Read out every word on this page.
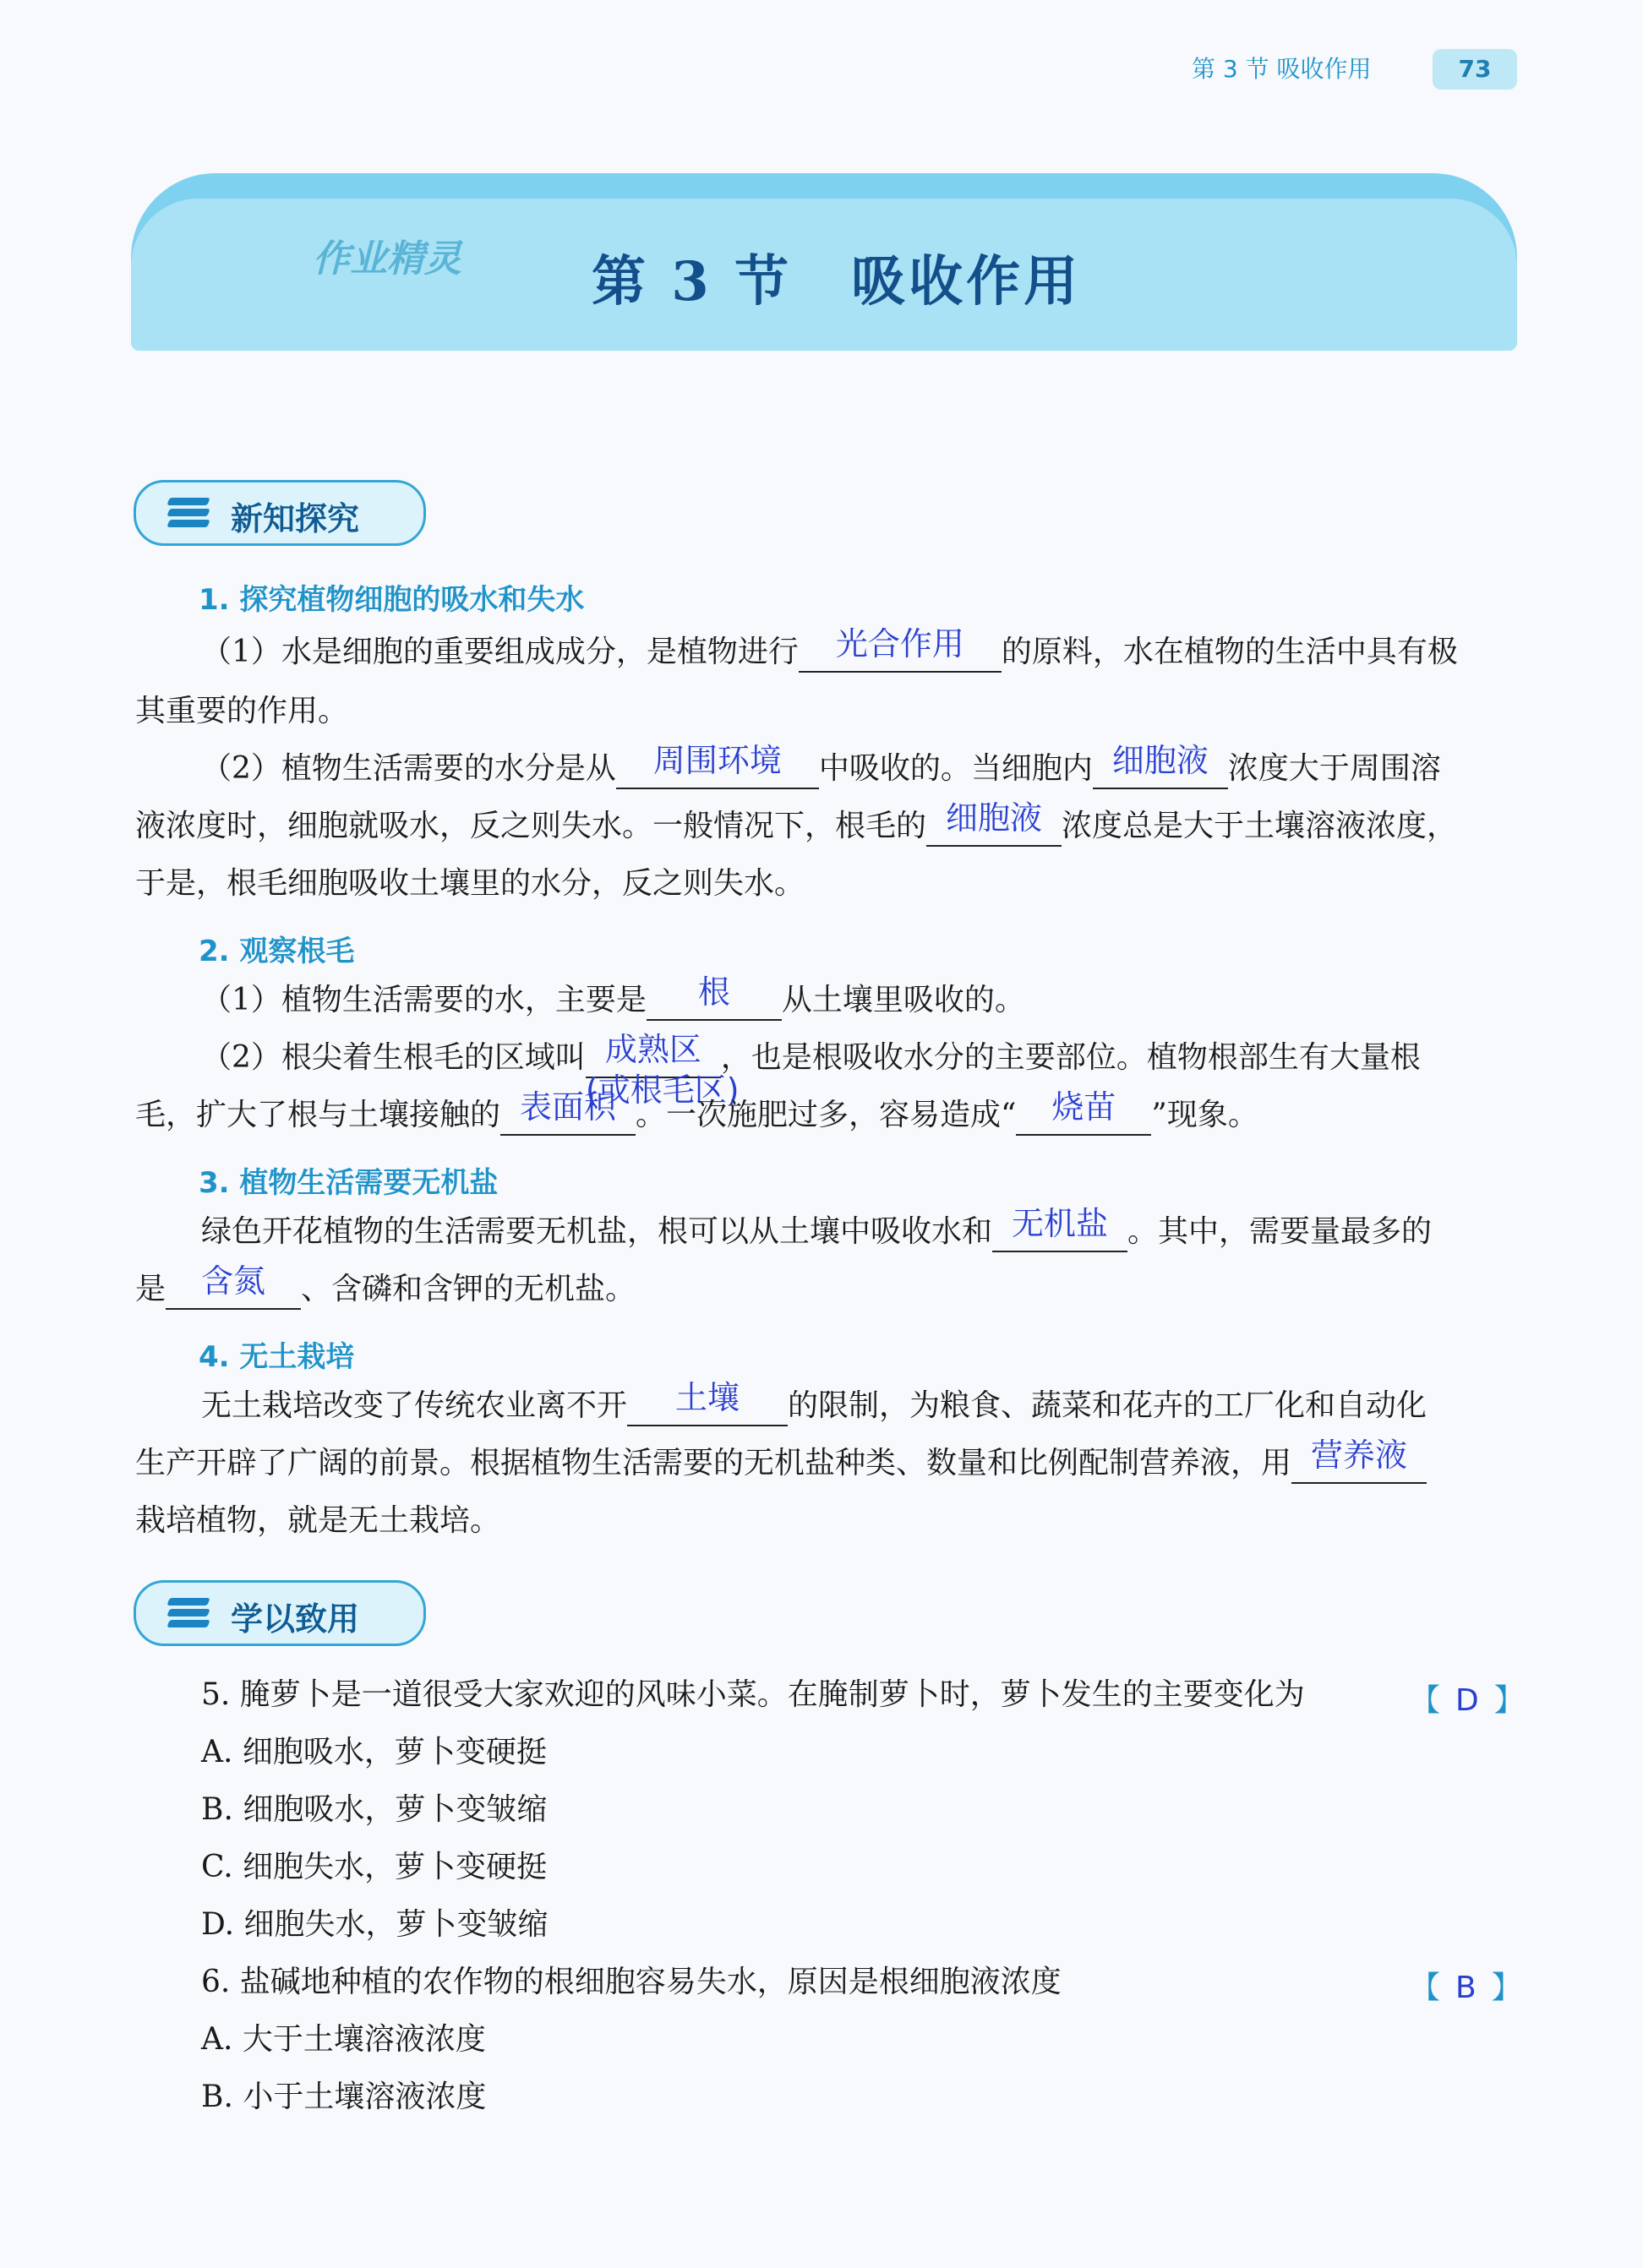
第 3 节 吸收作用	73
作业精灵 第 3 节 吸收作用
新知探究
1. 探究植物细胞的吸水和失水
（1）水是细胞的重要组成成分，是植物进行	光合作用	的原料，水在植物的生活中具有极
其重要的作用。
（2）植物生活需要的水分是从	周围环境	中吸收的。当细胞内 细胞液 浓度大于周围溶
液浓度时，细胞就吸水，反之则失水。一般情况下，根毛的 细胞液 浓度总是大于土壤溶液浓度，
于是，根毛细胞吸收土壤里的水分，反之则失水。
2. 观察根毛
（1）植物生活需要的水，主要是	根	从土壤里吸收的。
（2）根尖着生根毛的区域叫 成熟区
(或根毛区)
，也是根吸收水分的主要部位。植物根部生有大量根
毛，扩大了根与土壤接触的 表面积 。一次施肥过多，容易造成“	烧苗	”现象。
3. 植物生活需要无机盐
绿色开花植物的生活需要无机盐，根可以从土壤中吸收水和 无机盐 。其中，需要量最多的
是	含氮	、含磷和含钾的无机盐。
4. 无土栽培
无土栽培改变了传统农业离不开	土壤	的限制，为粮食、蔬菜和花卉的工厂化和自动化
生产开辟了广阔的前景。根据植物生活需要的无机盐种类、数量和比例配制营养液，用 营养液
栽培植物，就是无土栽培。
学以致用
5. 腌萝卜是一道很受大家欢迎的风味小菜。在腌制萝卜时，萝卜发生的主要变化为	【 D 】
A. 细胞吸水，萝卜变硬挺
B. 细胞吸水，萝卜变皱缩
C. 细胞失水，萝卜变硬挺
D. 细胞失水，萝卜变皱缩
6. 盐碱地种植的农作物的根细胞容易失水，原因是根细胞液浓度	【 B 】
A. 大于土壤溶液浓度
B. 小于土壤溶液浓度
